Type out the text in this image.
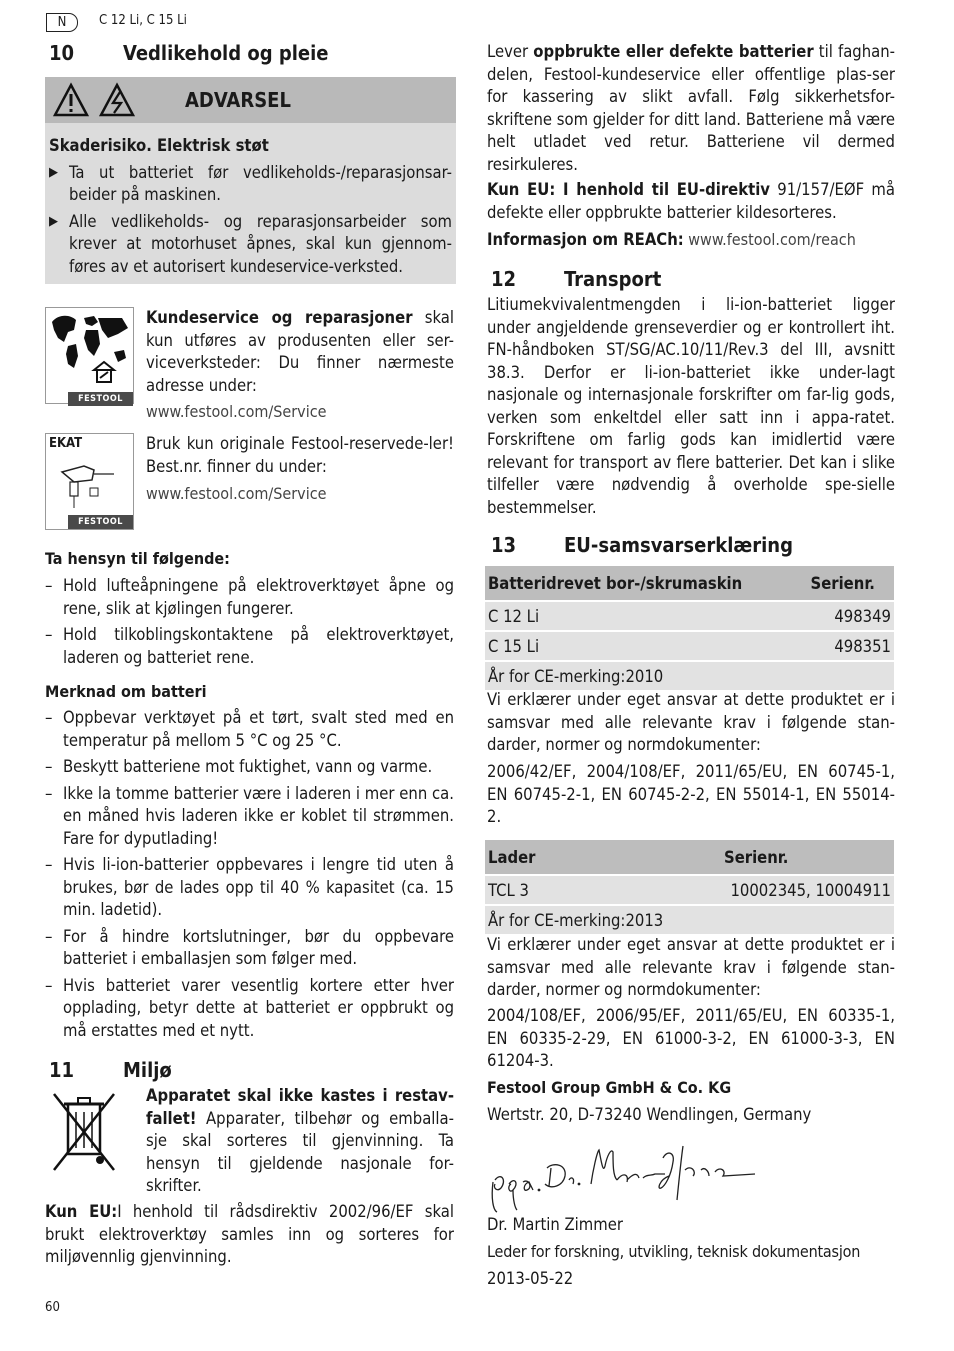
N	C 12 Li, C 15 Li
10 Vedlikehold og pleie
ADVARSEL
Skaderisiko. Elektrisk støt
▶ Ta ut batteriet før vedlikeholds-/reparasjonsar-beider på maskinen.
▶ Alle vedlikeholds- og reparasjonsarbeider som krever at motorhuset åpnes, skal kun gjennom-føres av et autorisert kundeservice-verksted.
FESTOOL
Kundeservice og reparasjoner skal kun utføres av produsenten eller ser-viceverksteder: Du finner nærmeste adresse under:
www.festool.com/Service
EKAT
FESTOOL
Bruk kun originale Festool-reservede-ler! Best.nr. finner du under:
www.festool.com/Service
Ta hensyn til følgende:
– Hold lufteåpningene på elektroverktøyet åpne og rene, slik at kjølingen fungerer.
– Hold tilkoblingskontaktene på elektroverktøyet, laderen og batteriet rene.
Merknad om batteri
– Oppbevar verktøyet på et tørt, svalt sted med en temperatur på mellom 5 °C og 25 °C.
– Beskytt batteriene mot fuktighet, vann og varme.
– Ikke la tomme batterier være i laderen i mer enn ca. en måned hvis laderen ikke er koblet til strømmen. Fare for dyputlading!
– Hvis li-ion-batterier oppbevares i lengre tid uten å brukes, bør de lades opp til 40 % kapasitet (ca. 15 min. ladetid).
– For å hindre kortslutninger, bør du oppbevare batteriet i emballasjen som følger med.
– Hvis batteriet varer vesentlig kortere etter hver opplading, betyr dette at batteriet er oppbrukt og må erstattes med et nytt.
11 Miljø
Apparatet skal ikke kastes i restav-fallet! Apparater, tilbehør og emballa-sje skal sorteres til gjenvinning. Ta hensyn til gjeldende nasjonale for-skrifter.
Kun EU:I henhold til rådsdirektiv 2002/96/EF skal brukt elektroverktøy samles inn og sorteres for miljøvennlig gjenvinning.
Lever oppbrukte eller defekte batterier til faghan-delen, Festool-kundeservice eller offentlige plas-ser for kassering av slikt avfall. Følg sikkerhetsfor-skriftene som gjelder for ditt land. Batteriene må være helt utladet ved retur. Batteriene vil dermed resirkuleres.
Kun EU: I henhold til EU-direktiv 91/157/EØF må defekte eller oppbrukte batterier kildesorteres.
Informasjon om REACh: www.festool.com/reach
12 Transport
Litiumekvivalentmengden i li-ion-batteriet ligger under angjeldende grenseverdier og er kontrollert iht. FN-håndboken ST/SG/AC.10/11/Rev.3 del III, avsnitt 38.3. Derfor er li-ion-batteriet ikke under-lagt nasjonale og internasjonale forskrifter om far-lig gods, verken som enkeltdel eller satt inn i appa-ratet. Forskriftene om farlig gods kan imidlertid være relevant for transport av flere batterier. Det kan i slike tilfeller være nødvendig å overholde spe-sielle bestemmelser.
13 EU-samsvarserklæring
Batteridrevet bor-/skrumaskin	Serienr.
C 12 Li	498349
C 15 Li	498351
År for CE-merking:2010	
Vi erklærer under eget ansvar at dette produktet er i samsvar med alle relevante krav i følgende stan-darder, normer og normdokumenter:
2006/42/EF, 2004/108/EF, 2011/65/EU, EN 60745-1, EN 60745-2-1, EN 60745-2-2, EN 55014-1, EN 55014-2.
Lader	Serienr.
TCL 3	10002345, 10004911
År for CE-merking:2013	
Vi erklærer under eget ansvar at dette produktet er i samsvar med alle relevante krav i følgende stan-darder, normer og normdokumenter:
2004/108/EF, 2006/95/EF, 2011/65/EU, EN 60335-1, EN 60335-2-29, EN 61000-3-2, EN 61000-3-3, EN 61204-3.
Festool Group GmbH & Co. KG
Wertstr. 20, D-73240 Wendlingen, Germany
Dr. Martin Zimmer
Leder for forskning, utvikling, teknisk dokumentasjon
2013-05-22
60
